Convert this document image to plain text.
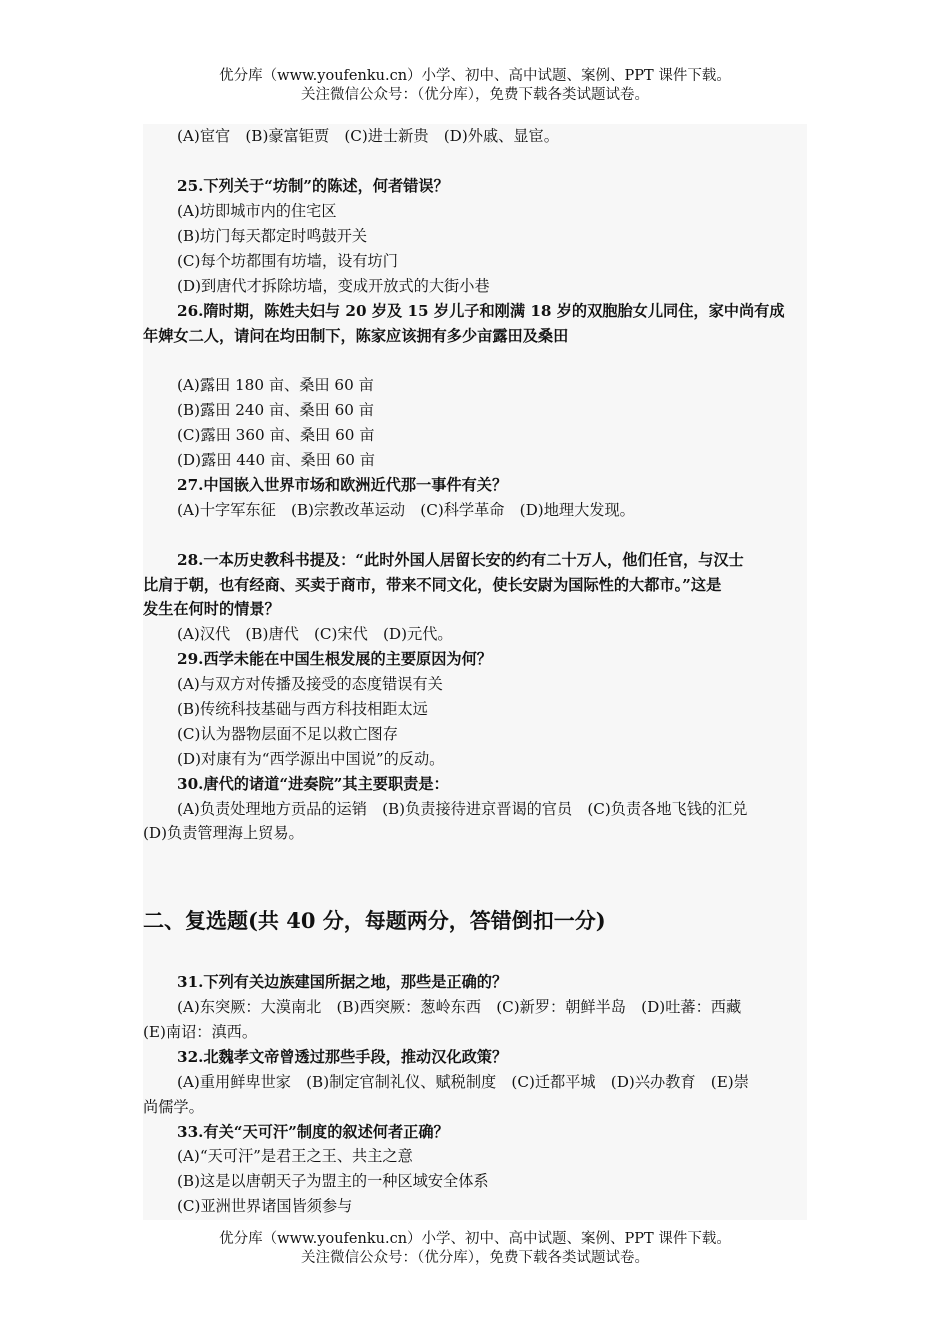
优分库（www.youfenku.cn）小学、初中、高中试题、案例、PPT 课件下载。
关注微信公众号：（优分库），免费下载各类试题试卷。
(A)宦官　(B)豪富钜贾　(C)进士新贵　(D)外戚、显宦。
25.下列关于“坊制”的陈述，何者错误？
(A)坊即城市内的住宅区
(B)坊门每天都定时鸣鼓开关
(C)每个坊都围有坊墙，设有坊门
(D)到唐代才拆除坊墙，变成开放式的大街小巷
26.隋时期，陈姓夫妇与 20 岁及 15 岁儿子和刚满 18 岁的双胞胎女儿同住，家中尚有成
年婢女二人，请问在均田制下，陈家应该拥有多少亩露田及桑田
(A)露田 180 亩、桑田 60 亩
(B)露田 240 亩、桑田 60 亩
(C)露田 360 亩、桑田 60 亩
(D)露田 440 亩、桑田 60 亩
27.中国嵌入世界市场和欧洲近代那一事件有关？
(A)十字军东征　(B)宗教改革运动　(C)科学革命　(D)地理大发现。
28.一本历史教科书提及：“此时外国人居留长安的约有二十万人，他们任官，与汉士
比肩于朝，也有经商、买卖于商市，带来不同文化，使长安尉为国际性的大都市。”这是
发生在何时的情景？
(A)汉代　(B)唐代　(C)宋代　(D)元代。
29.西学未能在中国生根发展的主要原因为何？
(A)与双方对传播及接受的态度错误有关
(B)传统科技基础与西方科技相距太远
(C)认为器物层面不足以救亡图存
(D)对康有为“西学源出中国说”的反动。
30.唐代的诸道“进奏院”其主要职责是：
(A)负责处理地方贡品的运销　(B)负责接待进京晋谒的官员　(C)负责各地飞钱的汇兑
(D)负责管理海上贸易。
二、复选题(共 40 分，每题两分，答错倒扣一分)
31.下列有关边族建国所据之地，那些是正确的？
(A)东突厥：大漠南北　(B)西突厥：葱岭东西　(C)新罗：朝鲜半岛　(D)吐蕃：西藏
(E)南诏：滇西。
32.北魏孝文帝曾透过那些手段，推动汉化政策？
(A)重用鲜卑世家　(B)制定官制礼仪、赋税制度　(C)迁都平城　(D)兴办教育　(E)崇
尚儒学。
33.有关“天可汗”制度的叙述何者正确？
(A)“天可汗”是君王之王、共主之意
(B)这是以唐朝天子为盟主的一种区域安全体系
(C)亚洲世界诸国皆须参与
优分库（www.youfenku.cn）小学、初中、高中试题、案例、PPT 课件下载。
关注微信公众号：（优分库），免费下载各类试题试卷。
